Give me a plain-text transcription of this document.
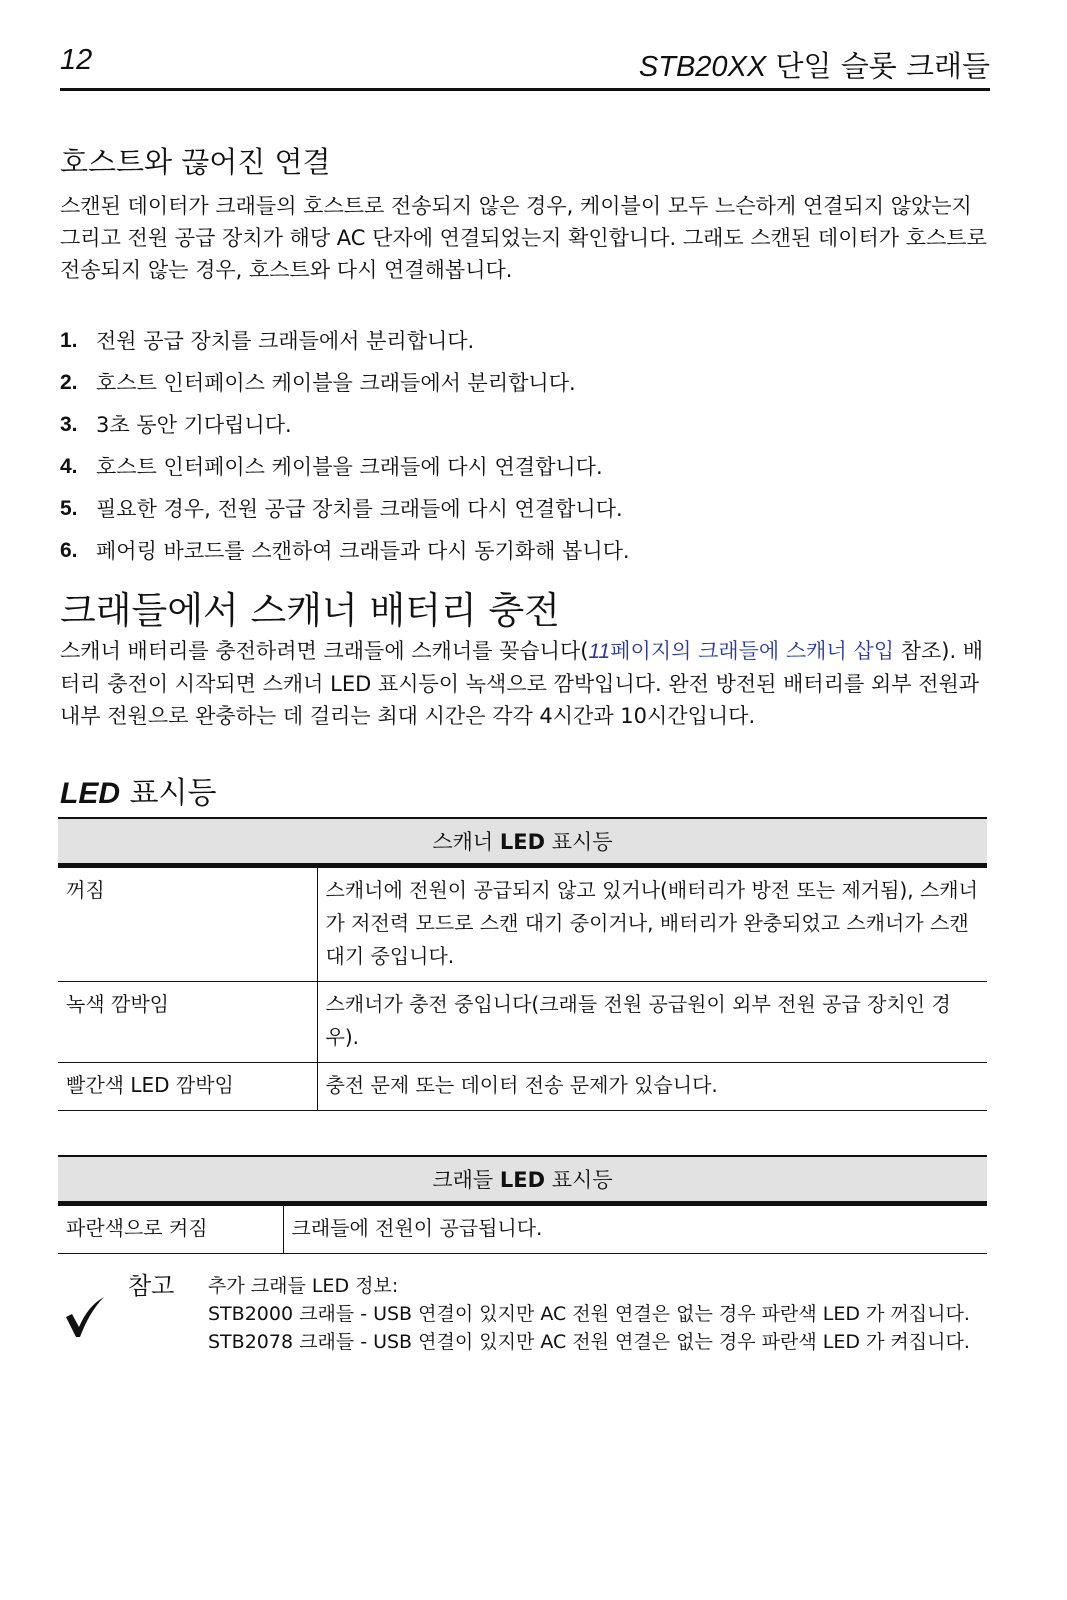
12	STB20XX 단일 슬롯 크래들
호스트와 끊어진 연결

스캔된 데이터가 크래들의 호스트로 전송되지 않은 경우, 케이블이 모두 느슨하게 연결되지 않았는지 그리고 전원 공급 장치가 해당 AC 단자에 연결되었는지 확인합니다. 그래도 스캔된 데이터가 호스트로 전송되지 않는 경우, 호스트와 다시 연결해봅니다.

1. 전원 공급 장치를 크래들에서 분리합니다.
2. 호스트 인터페이스 케이블을 크래들에서 분리합니다.
3. 3초 동안 기다립니다.
4. 호스트 인터페이스 케이블을 크래들에 다시 연결합니다.
5. 필요한 경우, 전원 공급 장치를 크래들에 다시 연결합니다.
6. 페어링 바코드를 스캔하여 크래들과 다시 동기화해 봅니다.
크래들에서 스캐너 배터리 충전

스캐너 배터리를 충전하려면 크래들에 스캐너를 꽂습니다(11페이지의 크래들에 스캐너 삽입 참조). 배터리 충전이 시작되면 스캐너 LED 표시등이 녹색으로 깜박입니다. 완전 방전된 배터리를 외부 전원과 내부 전원으로 완충하는 데 걸리는 최대 시간은 각각 4시간과 10시간입니다.

LED 표시등
스캐너 LED 표시등	
꺼짐	스캐너에 전원이 공급되지 않고 있거나(배터리가 방전 또는 제거됨), 스캐너가 저전력 모드로 스캔 대기 중이거나, 배터리가 완충되었고 스캐너가 스캔 대기 중입니다.
녹색 깜박임	스캐너가 충전 중입니다(크래들 전원 공급원이 외부 전원 공급 장치인 경우).
빨간색 LED 깜박임	충전 문제 또는 데이터 전송 문제가 있습니다.
크래들 LED 표시등
파란색으로 켜짐	크래들에 전원이 공급됩니다.
참고 추가 크래들 LED 정보:
STB2000 크래들 - USB 연결이 있지만 AC 전원 연결은 없는 경우 파란색 LED 가 꺼집니다.
STB2078 크래들 - USB 연결이 있지만 AC 전원 연결은 없는 경우 파란색 LED 가 켜집니다.
